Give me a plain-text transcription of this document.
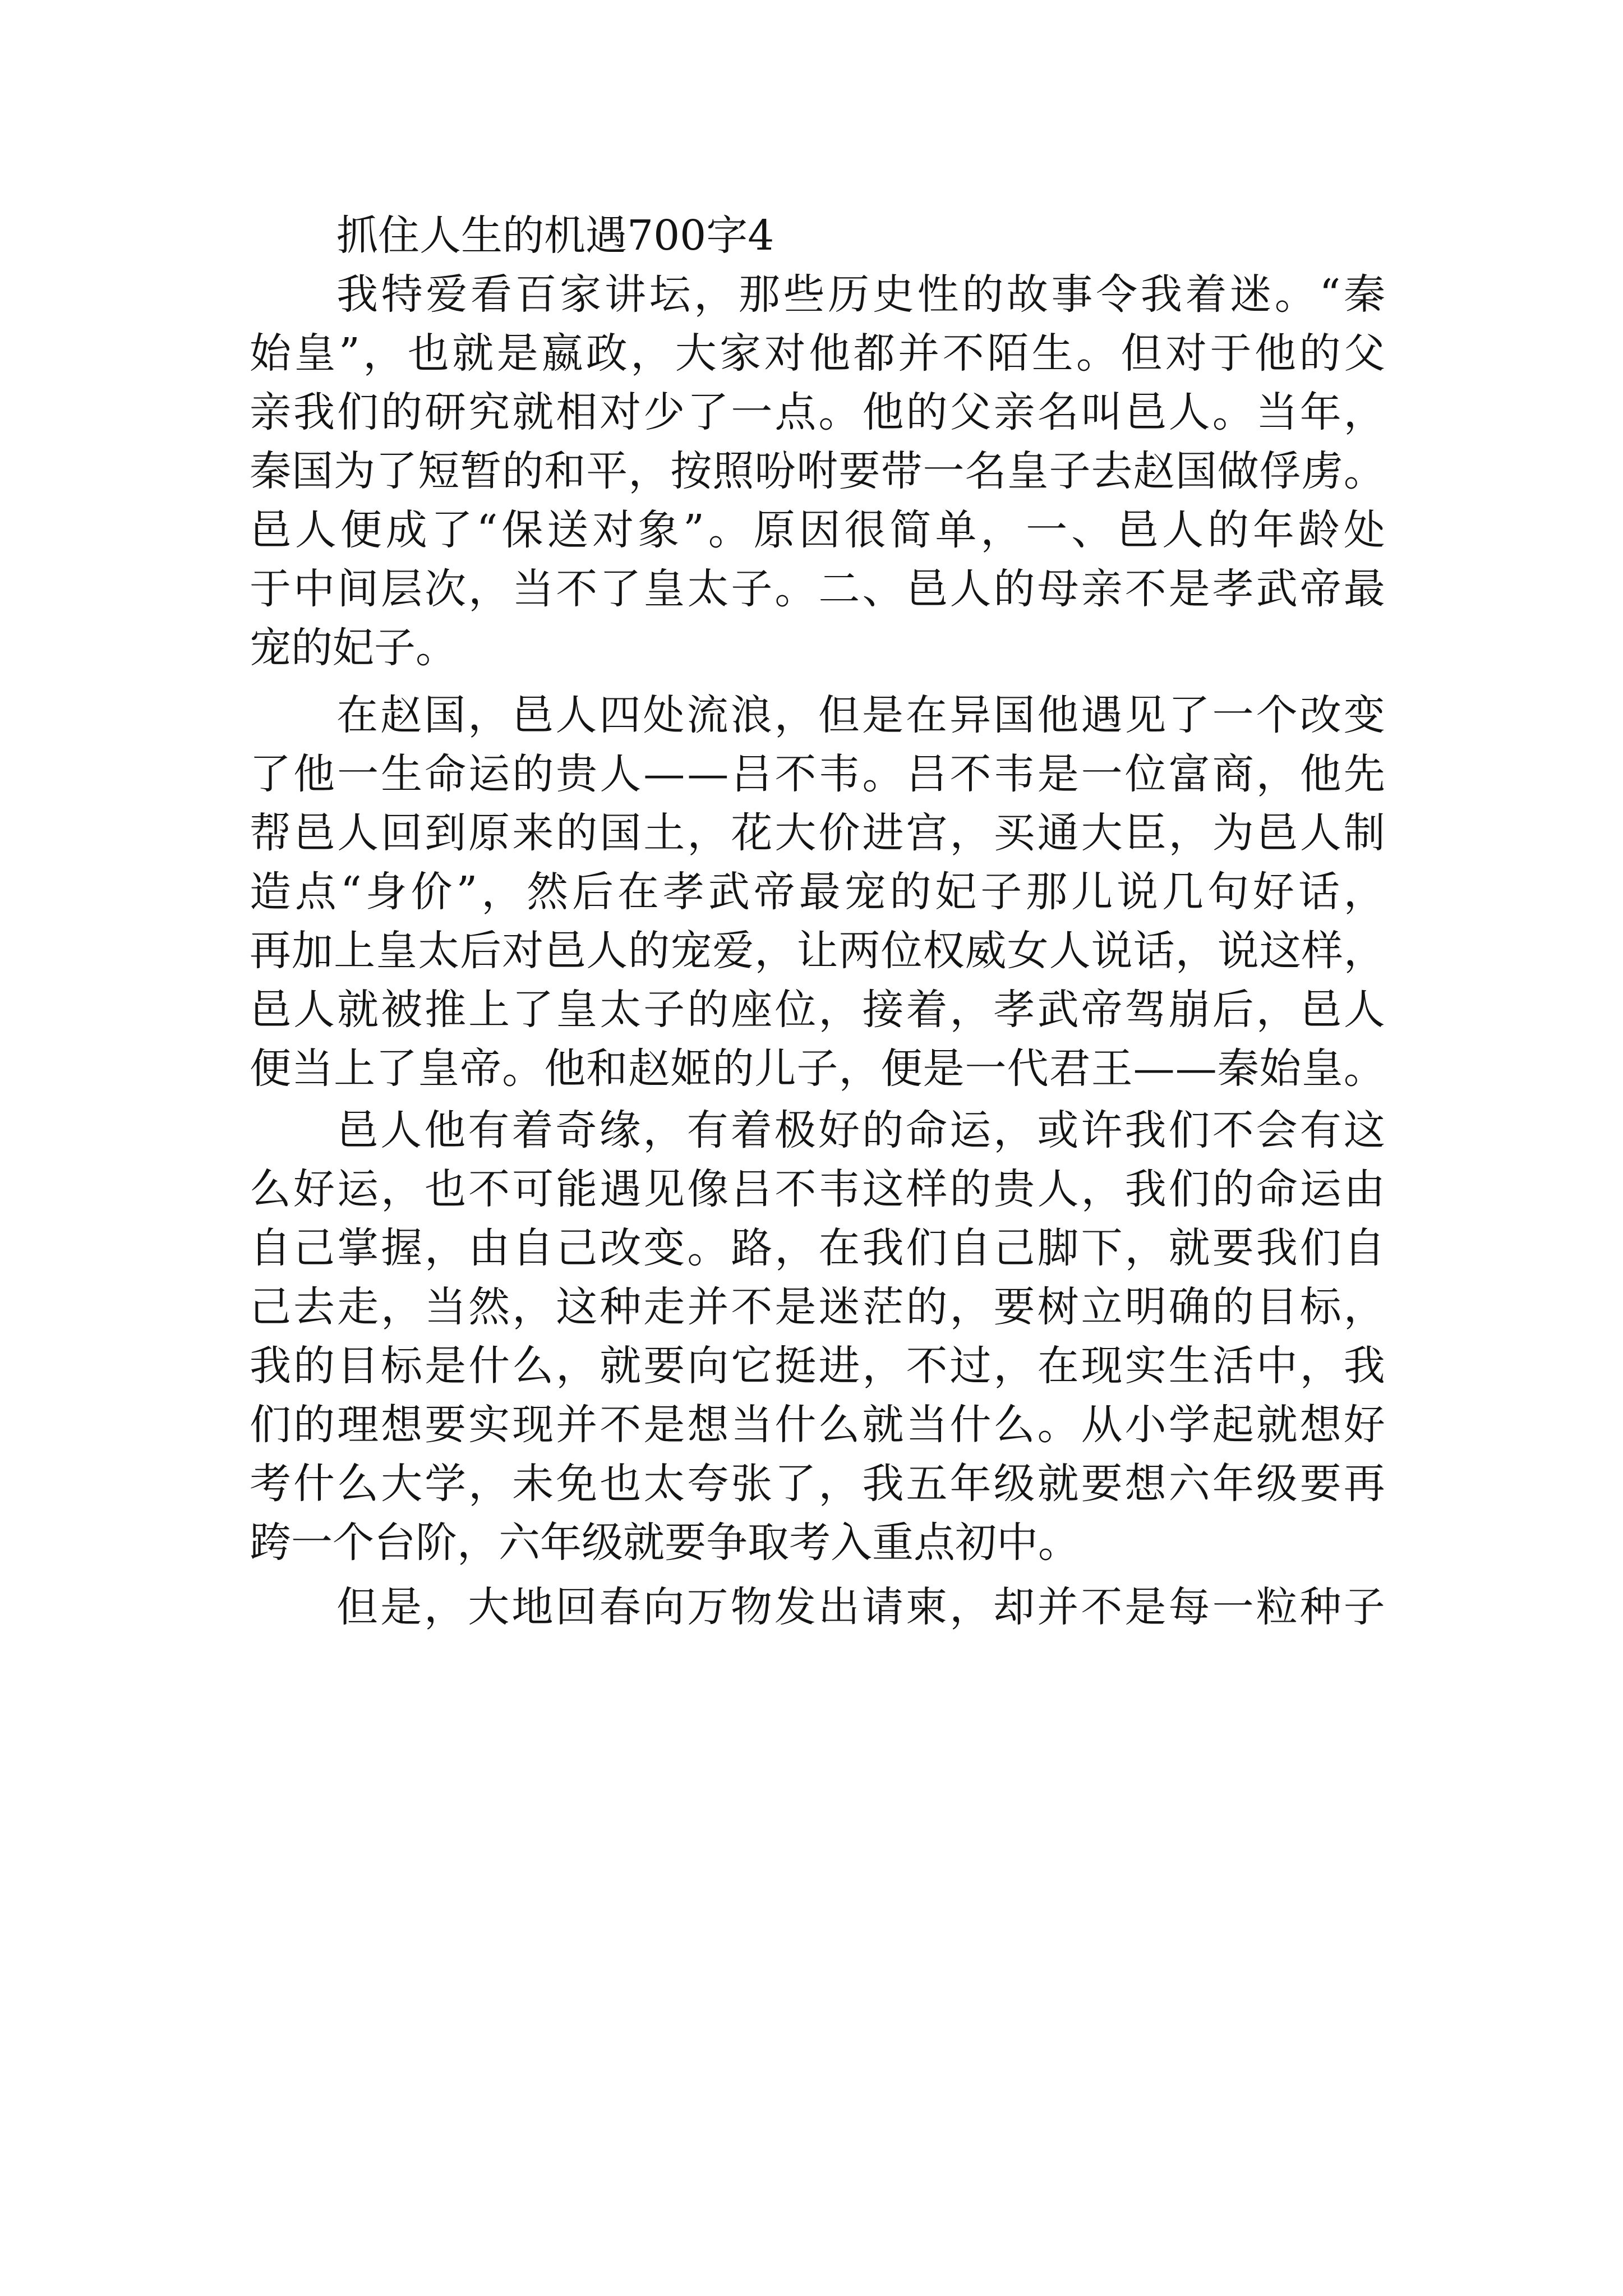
抓住人生的机遇700字4
我 特 爱 看 百 家 讲 坛 ， 那 些 历 史 性 的 故 事 令 我 着 迷 。 “ 秦
始 皇 ” ， 也 就 是 嬴 政 ， 大 家 对 他 都 并 不 陌 生 。 但 对 于 他 的 父
亲 我 们 的 研 究 就 相 对 少 了 一 点 。 他 的 父 亲 名 叫 邑 人 。 当 年 ，
秦 国 为 了 短 暂 的 和 平 ， 按 照 吩 咐 要 带 一 名 皇 子 去 赵 国 做 俘 虏 。
邑 人 便 成 了 “ 保 送 对 象 ” 。 原 因 很 简 单 ， 一 、 邑 人 的 年 龄 处
于 中 间 层 次 ， 当 不 了 皇 太 子 。 二 、 邑 人 的 母 亲 不 是 孝 武 帝 最
宠的妃子。
在 赵 国 ， 邑 人 四 处 流 浪 ， 但 是 在 异 国 他 遇 见 了 一 个 改 变
了 他 一 生 命 运 的 贵 人 — — 吕 不 韦 。 吕 不 韦 是 一 位 富 商 ， 他 先
帮 邑 人 回 到 原 来 的 国 土 ， 花 大 价 进 宫 ， 买 通 大 臣 ， 为 邑 人 制
造 点 “ 身 价 ” ， 然 后 在 孝 武 帝 最 宠 的 妃 子 那 儿 说 几 句 好 话 ，
再 加 上 皇 太 后 对 邑 人 的 宠 爱 ， 让 两 位 权 威 女 人 说 话 ， 说 这 样 ，
邑 人 就 被 推 上 了 皇 太 子 的 座 位 ， 接 着 ， 孝 武 帝 驾 崩 后 ， 邑 人
便 当 上 了 皇 帝 。 他 和 赵 姬 的 儿 子 ， 便 是 一 代 君 王 — — 秦 始 皇 。
邑 人 他 有 着 奇 缘 ， 有 着 极 好 的 命 运 ， 或 许 我 们 不 会 有 这
么 好 运 ， 也 不 可 能 遇 见 像 吕 不 韦 这 样 的 贵 人 ， 我 们 的 命 运 由
自 己 掌 握 ， 由 自 己 改 变 。 路 ， 在 我 们 自 己 脚 下 ， 就 要 我 们 自
己 去 走 ， 当 然 ， 这 种 走 并 不 是 迷 茫 的 ， 要 树 立 明 确 的 目 标 ，
我 的 目 标 是 什 么 ， 就 要 向 它 挺 进 ， 不 过 ， 在 现 实 生 活 中 ， 我
们 的 理 想 要 实 现 并 不 是 想 当 什 么 就 当 什 么 。 从 小 学 起 就 想 好
考 什 么 大 学 ， 未 免 也 太 夸 张 了 ， 我 五 年 级 就 要 想 六 年 级 要 再
跨一个台阶，六年级就要争取考入重点初中。
但 是 ， 大 地 回 春 向 万 物 发 出 请 柬 ， 却 并 不 是 每 一 粒 种 子
